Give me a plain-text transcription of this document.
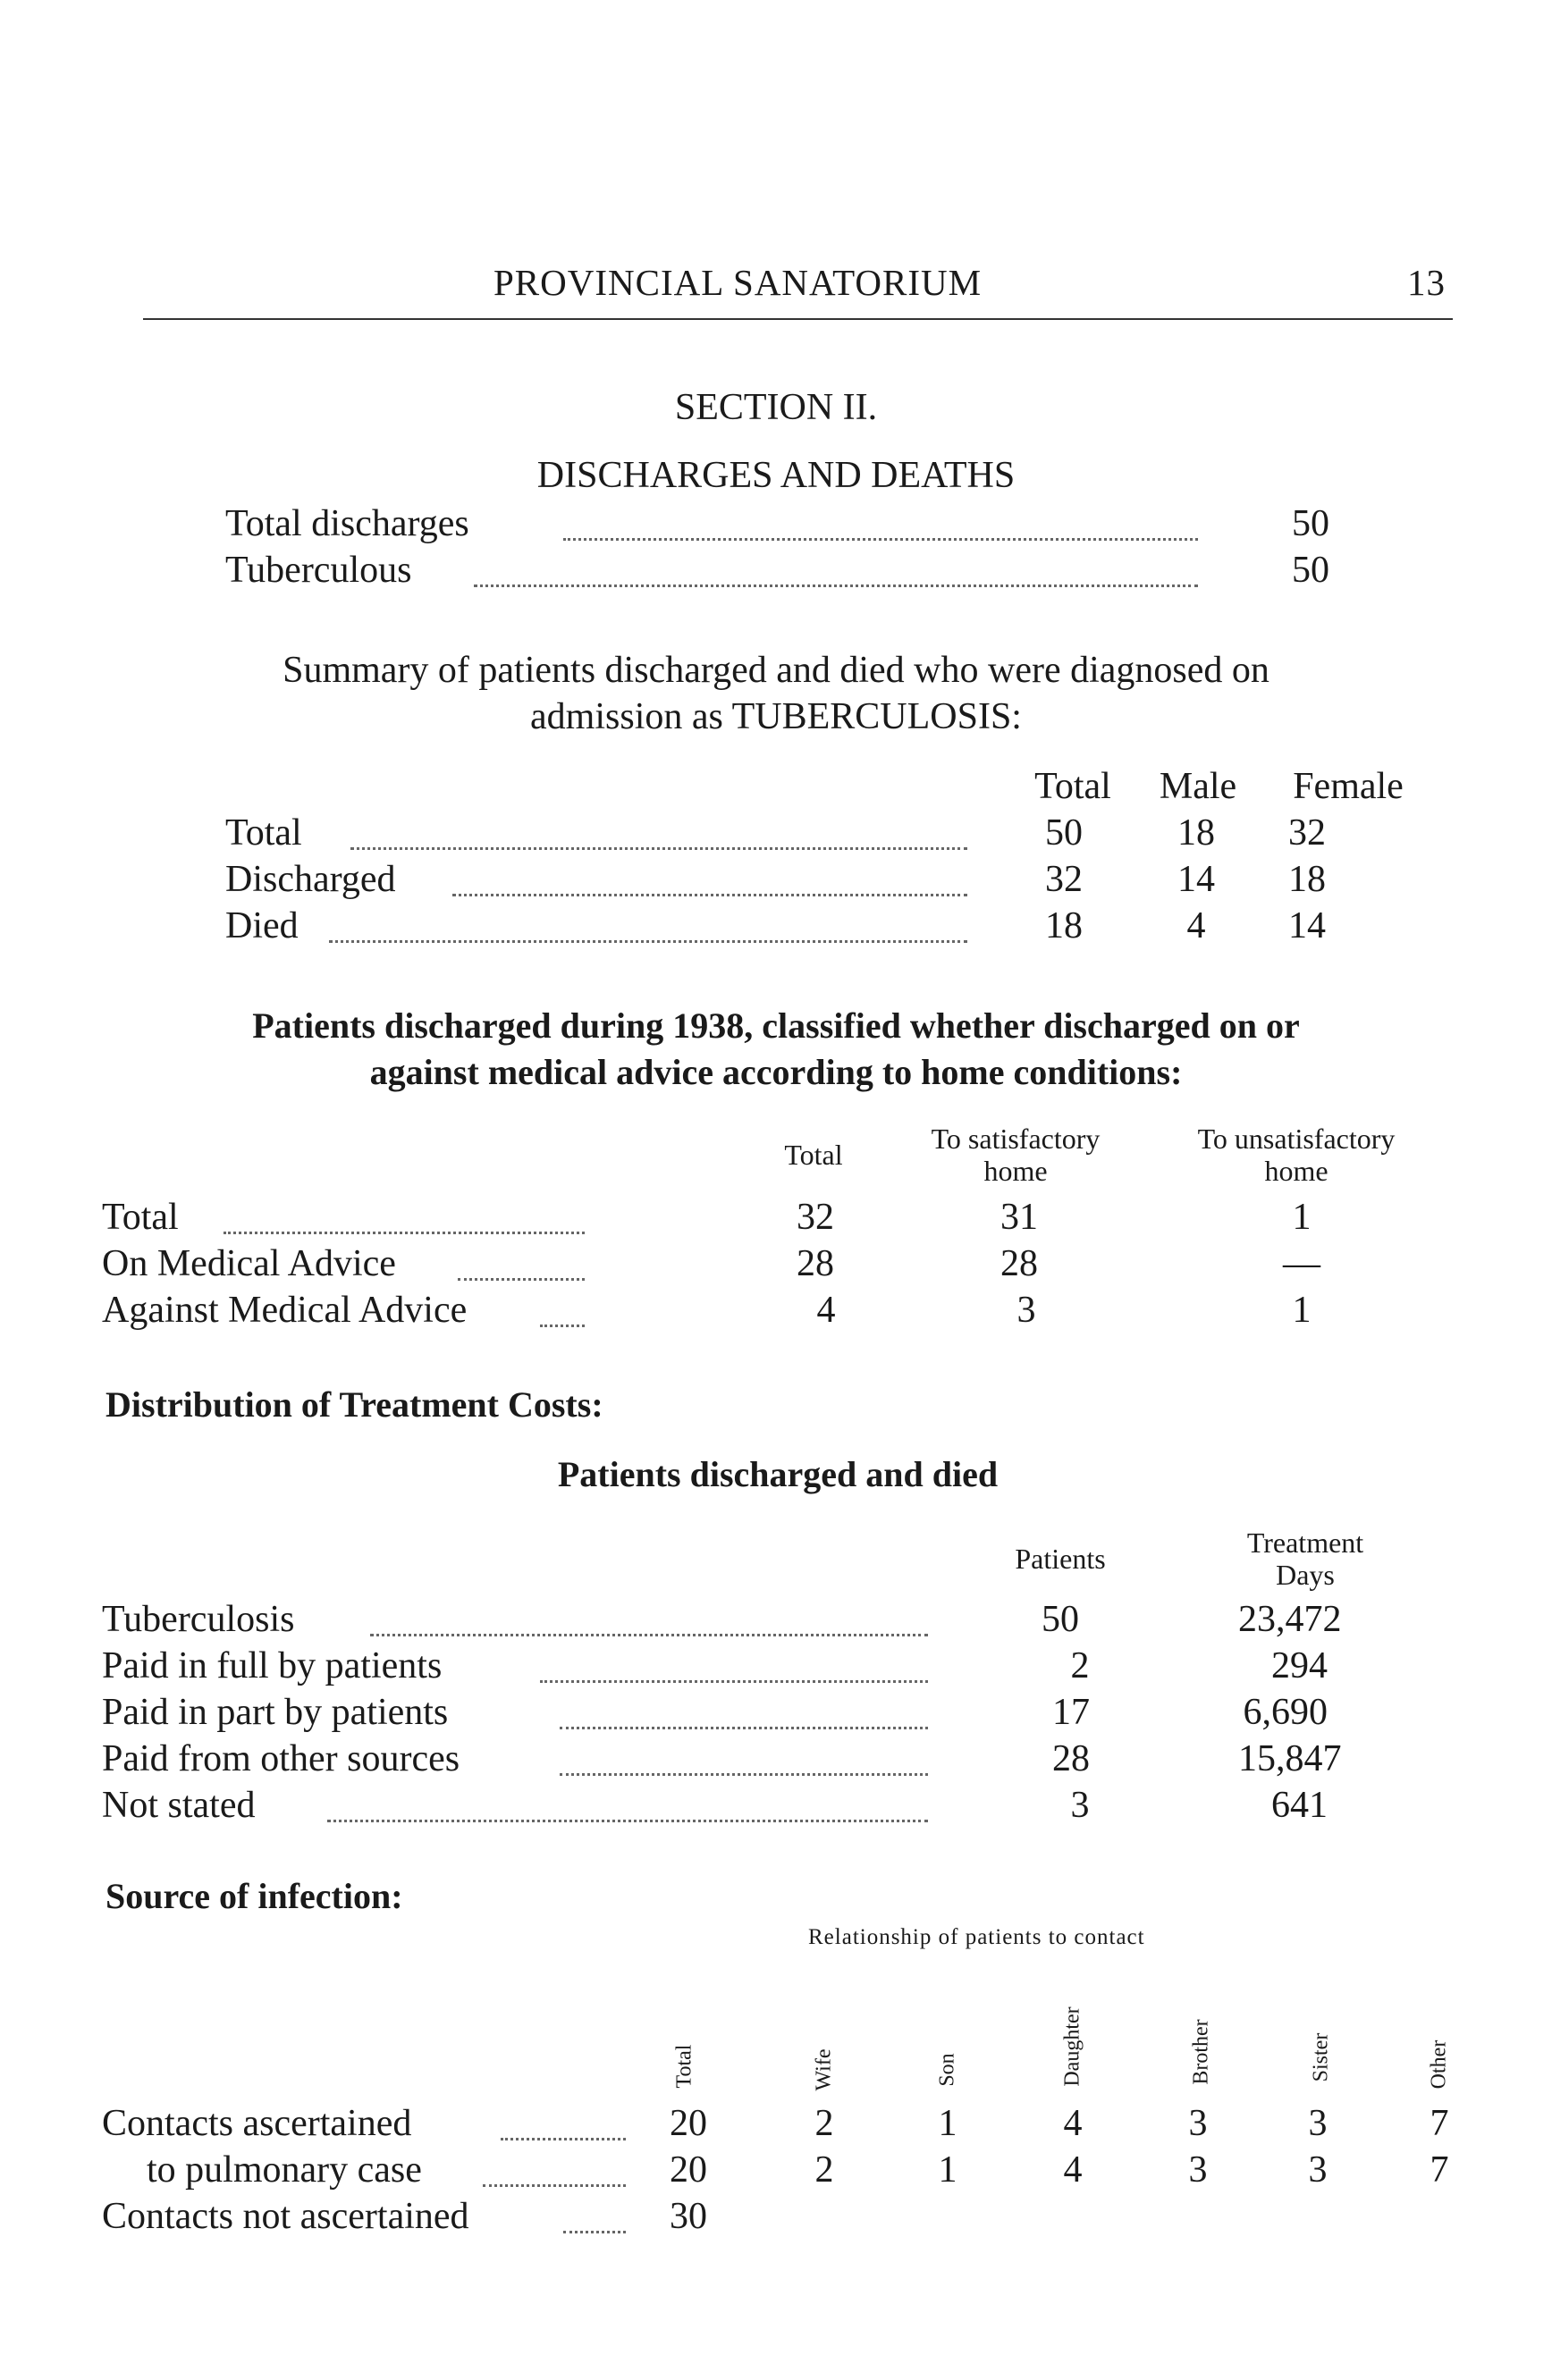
PROVINCIAL SANATORIUM	13
SECTION II.
DISCHARGES AND DEATHS
Total discharges	50
Tuberculous	50
Summary of patients discharged and died who were diagnosed on
admission as TUBERCULOSIS:
Total Male Female
Total	50	18 32
Discharged	32	14 18
Died	18	4 14
Patients discharged during 1938, classified whether discharged on or
against medical advice according to home conditions:
Total	To satisfactory
home
To unsatisfactory
home
Total	32	31	1
On Medical Advice	28	28	—
Against Medical Advice	4	3	1
Distribution of Treatment Costs:
Patients discharged and died
Patients	Treatment
Days
Tuberculosis	50	23,472
Paid in full by patients	2	294
Paid in part by patients	17	6,690
Paid from other sources	28	15,847
Not stated	3	641
Source of infection:
Relationship of patients to contact
Total	Wife	Son	Daughter	Brother	Sister	Other
Contacts ascertained	20	2	1	4	3	3	7
to pulmonary case	20	2	1	4	3	3	7
Contacts not ascertained	30
